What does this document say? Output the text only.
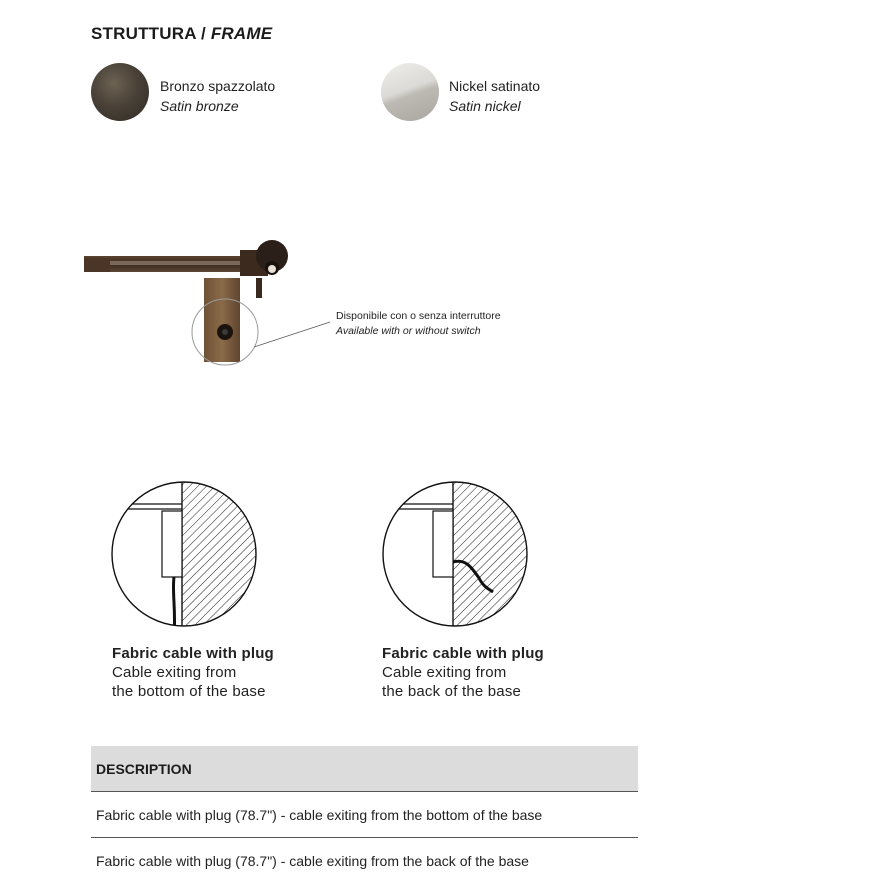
STRUTTURA / FRAME
Bronzo spazzolato
Satin bronze
Nickel satinato
Satin nickel
Disponibile con o senza interruttore
Available with or without switch
Fabric cable with plug
Cable exiting from
the bottom of the base
Fabric cable with plug
Cable exiting from
the back of the base
DESCRIPTION
Fabric cable with plug (78.7") - cable exiting from the bottom of the base
Fabric cable with plug (78.7") - cable exiting from the back of the base
